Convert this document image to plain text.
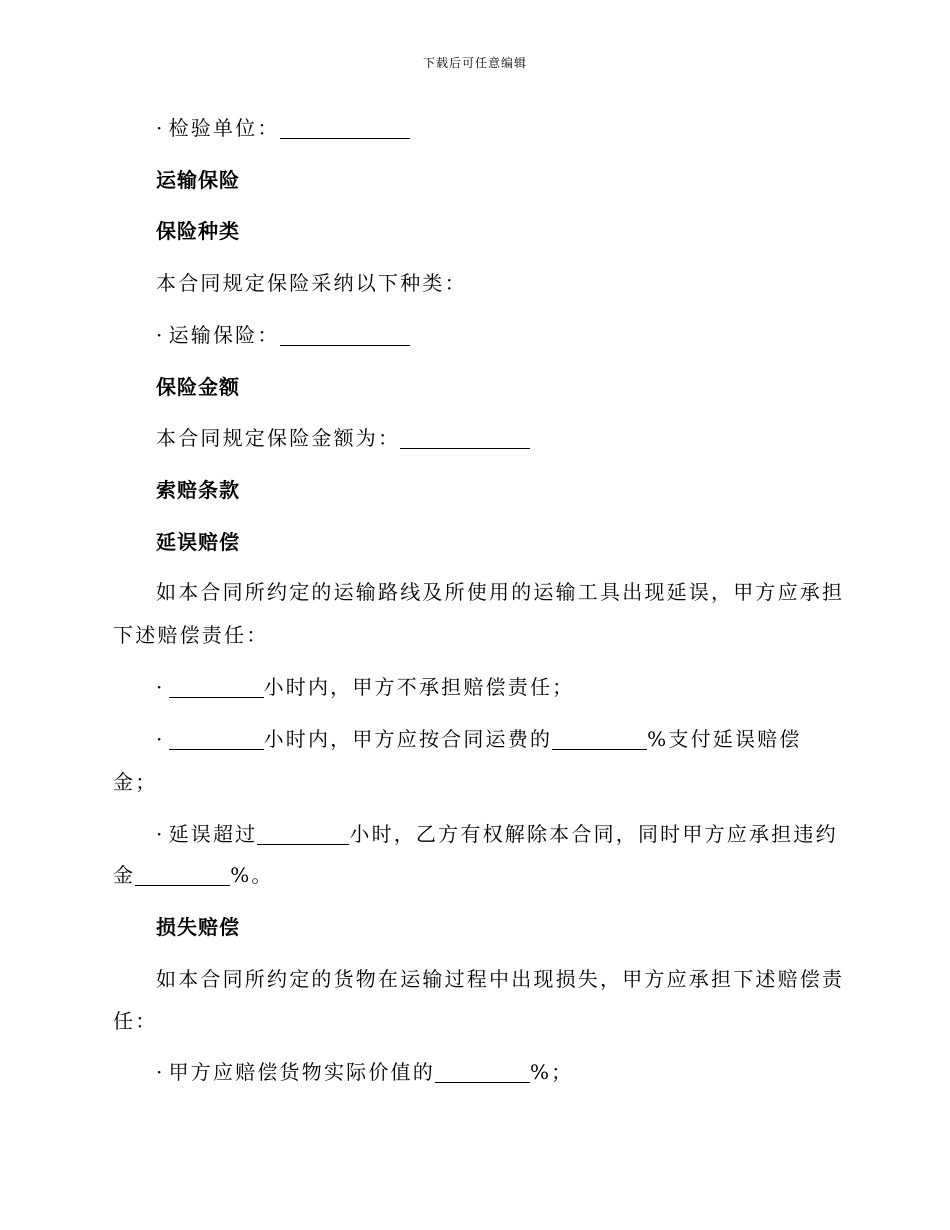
下载后可任意编辑
· 检验单位：
运输保险
保险种类
本合同规定保险采纳以下种类：
· 运输保险：
保险金额
本合同规定保险金额为：
索赔条款
延误赔偿
如本合同所约定的运输路线及所使用的运输工具出现延误，甲方应承担
下述赔偿责任：
·	小时内，甲方不承担赔偿责任；
·	小时内，甲方应按合同运费的	%支付延误赔偿
金；
· 延误超过	小时，乙方有权解除本合同，同时甲方应承担违约
金	%。
损失赔偿
如本合同所约定的货物在运输过程中出现损失，甲方应承担下述赔偿责
任：
· 甲方应赔偿货物实际价值的	%；
